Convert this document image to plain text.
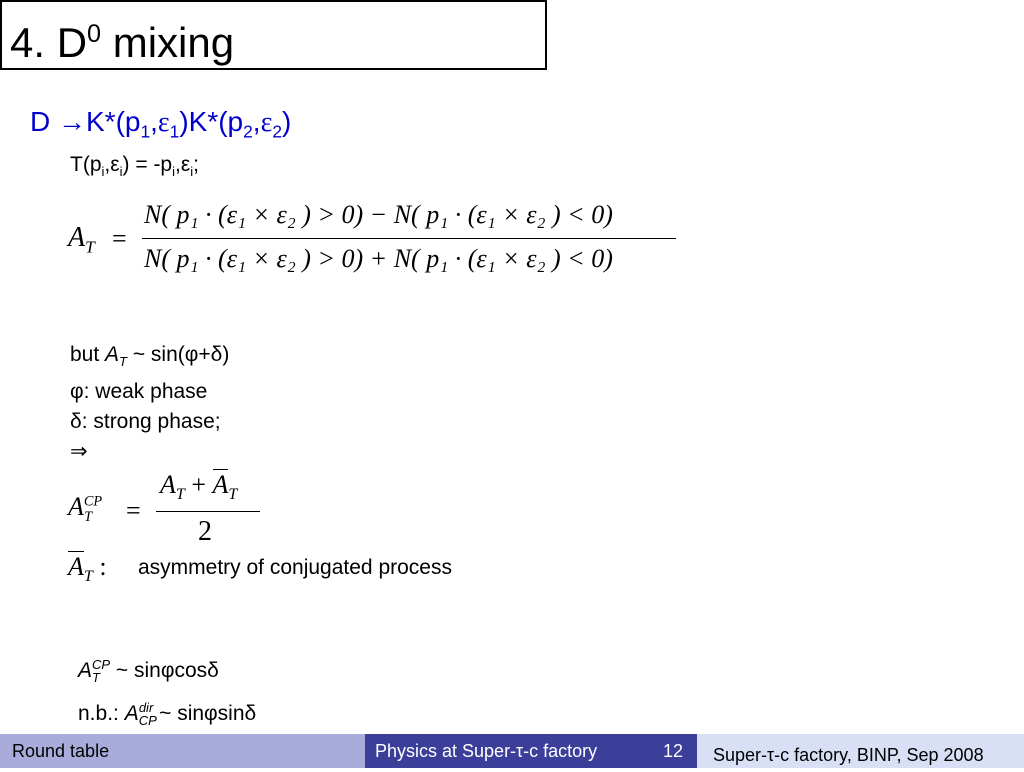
4. $D^0$ mixing
$D \to K*(p_1,\varepsilon_1)K*(p_2,\varepsilon_2)$
$T(p_i,\varepsilon_i) = -p_i,\varepsilon_i$;
$A_T$ =
N( p₁ · (ε₁ × ε₂ ) > 0) − N( p₁ · (ε₁ × ε₂ ) < 0)
N( p₁ · (ε₁ × ε₂ ) > 0) + N( p₁ · (ε₁ × ε₂ ) < 0)
but $A_T$ ~ sin(φ+δ)
φ: weak phase
δ: strong phase;
⇒
$A^{CP}_T$ =
$A_T + A_T$
2
$A_T$ : asymmetry of conjugated process
$A_T^{CP}$ ~ sinφcosδ
n.b.: $A_{CP}^{dir}$ ~ sinφsinδ
Round table	Physics at Super-τ-c factory	12 Super-τ-c factory, BINP, Sep 2008
